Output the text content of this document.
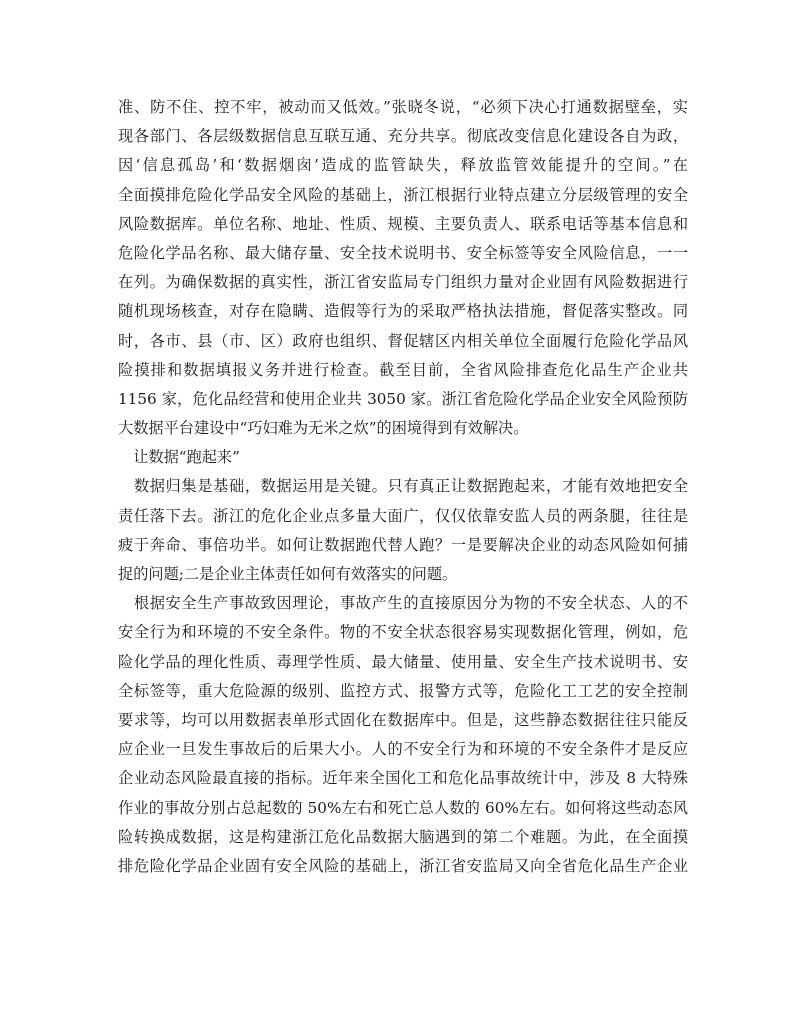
准、防不住、控不牢，被动而又低效。”张晓冬说，“必须下决心打通数据壁垒，实
现各部门、各层级数据信息互联互通、充分共享。彻底改变信息化建设各自为政，
因‘信息孤岛’和‘数据烟囱’造成的监管缺失，释放监管效能提升的空间。”在
全面摸排危险化学品安全风险的基础上，浙江根据行业特点建立分层级管理的安全
风险数据库。单位名称、地址、性质、规模、主要负责人、联系电话等基本信息和
危险化学品名称、最大储存量、安全技术说明书、安全标签等安全风险信息，一一
在列。为确保数据的真实性，浙江省安监局专门组织力量对企业固有风险数据进行
随机现场核查，对存在隐瞒、造假等行为的采取严格执法措施，督促落实整改。同
时，各市、县（市、区）政府也组织、督促辖区内相关单位全面履行危险化学品风
险摸排和数据填报义务并进行检查。截至目前，全省风险排查危化品生产企业共
1156 家，危化品经营和使用企业共 3050 家。浙江省危险化学品企业安全风险预防
大数据平台建设中“巧妇难为无米之炊”的困境得到有效解决。
　让数据“跑起来”
　数据归集是基础，数据运用是关键。只有真正让数据跑起来，才能有效地把安全
责任落下去。浙江的危化企业点多量大面广，仅仅依靠安监人员的两条腿，往往是
疲于奔命、事倍功半。如何让数据跑代替人跑？一是要解决企业的动态风险如何捕
捉的问题;二是企业主体责任如何有效落实的问题。
　根据安全生产事故致因理论，事故产生的直接原因分为物的不安全状态、人的不
安全行为和环境的不安全条件。物的不安全状态很容易实现数据化管理，例如，危
险化学品的理化性质、毒理学性质、最大储量、使用量、安全生产技术说明书、安
全标签等，重大危险源的级别、监控方式、报警方式等，危险化工工艺的安全控制
要求等，均可以用数据表单形式固化在数据库中。但是，这些静态数据往往只能反
应企业一旦发生事故后的后果大小。人的不安全行为和环境的不安全条件才是反应
企业动态风险最直接的指标。近年来全国化工和危化品事故统计中，涉及 8 大特殊
作业的事故分别占总起数的 50%左右和死亡总人数的 60%左右。如何将这些动态风
险转换成数据，这是构建浙江危化品数据大脑遇到的第二个难题。为此，在全面摸
排危险化学品企业固有安全风险的基础上，浙江省安监局又向全省危化品生产企业
